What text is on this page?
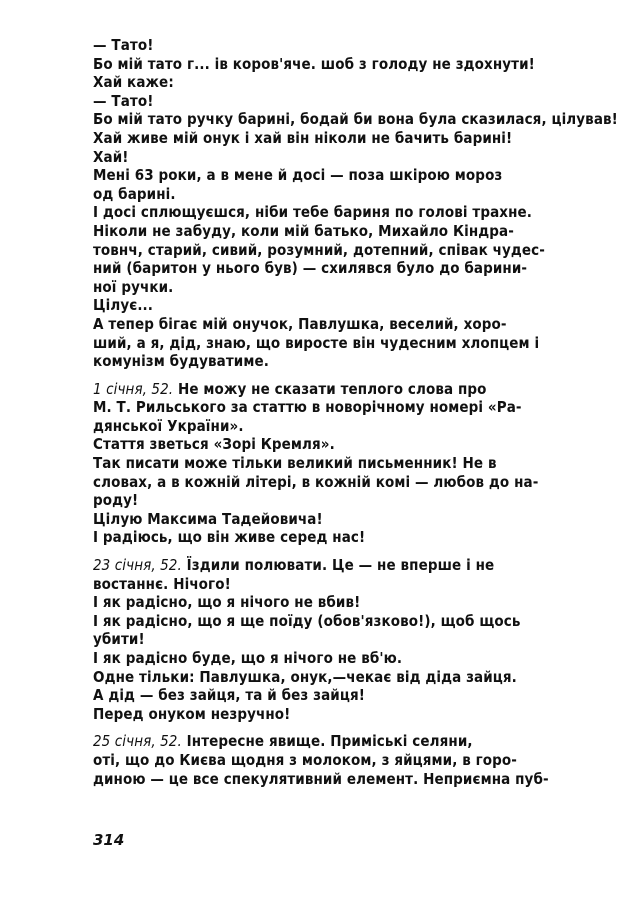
— Тато!
Бо мій тато г... ів коров'яче. шоб з голоду не здохнути!
Хай каже:
— Тато!
Бо мій тато ручку барині, бодай би вона була сказилася, цілував!
Хай живе мій онук і хай він ніколи не бачить барині!
Хай!
Мені 63 роки, а в мене й досі — поза шкірою мороз
од барині.
І досі сплющуєшся, ніби тебе бариня по голові трахне.
Ніколи не забуду, коли мій батько, Михайло Кіндра-
товнч, старий, сивий, розумний, дотепний, співак чудес-
ний (баритон у нього був) — схилявся було до барини-
ної ручки.
Цілує...
А тепер бігає мій онучок, Павлушка, веселий, хоро-
ший, а я, дід, знаю, що виросте він чудесним хлопцем і
комунізм будуватиме.
1 січня, 52. Не можу не сказати теплого слова про
М. Т. Рильського за статтю в новорічному номері «Ра-
дянської України».
Стаття зветься «Зорі Кремля».
Так писати може тільки великий письменник! Не в
словах, а в кожній літері, в кожній комі — любов до на-
роду!
Цілую Максима Тадейовича!
І радіюсь, що він живе серед нас!
23 січня, 52. Їздили полювати. Це — не вперше і не
востаннє. Нічого!
І як радісно, що я нічого не вбив!
І як радісно, що я ще поїду (обов'язково!), щоб щось
убити!
І як радісно буде, що я нічого не вб'ю.
Одне тільки: Павлушка, онук,—чекає від діда зайця.
А дід — без зайця, та й без зайця!
Перед онуком незручно!
25 січня, 52. Інтересне явище. Приміські селяни,
оті, що до Києва щодня з молоком, з яйцями, в горо-
диною — це все спекулятивний елемент. Неприємна пуб-
314
